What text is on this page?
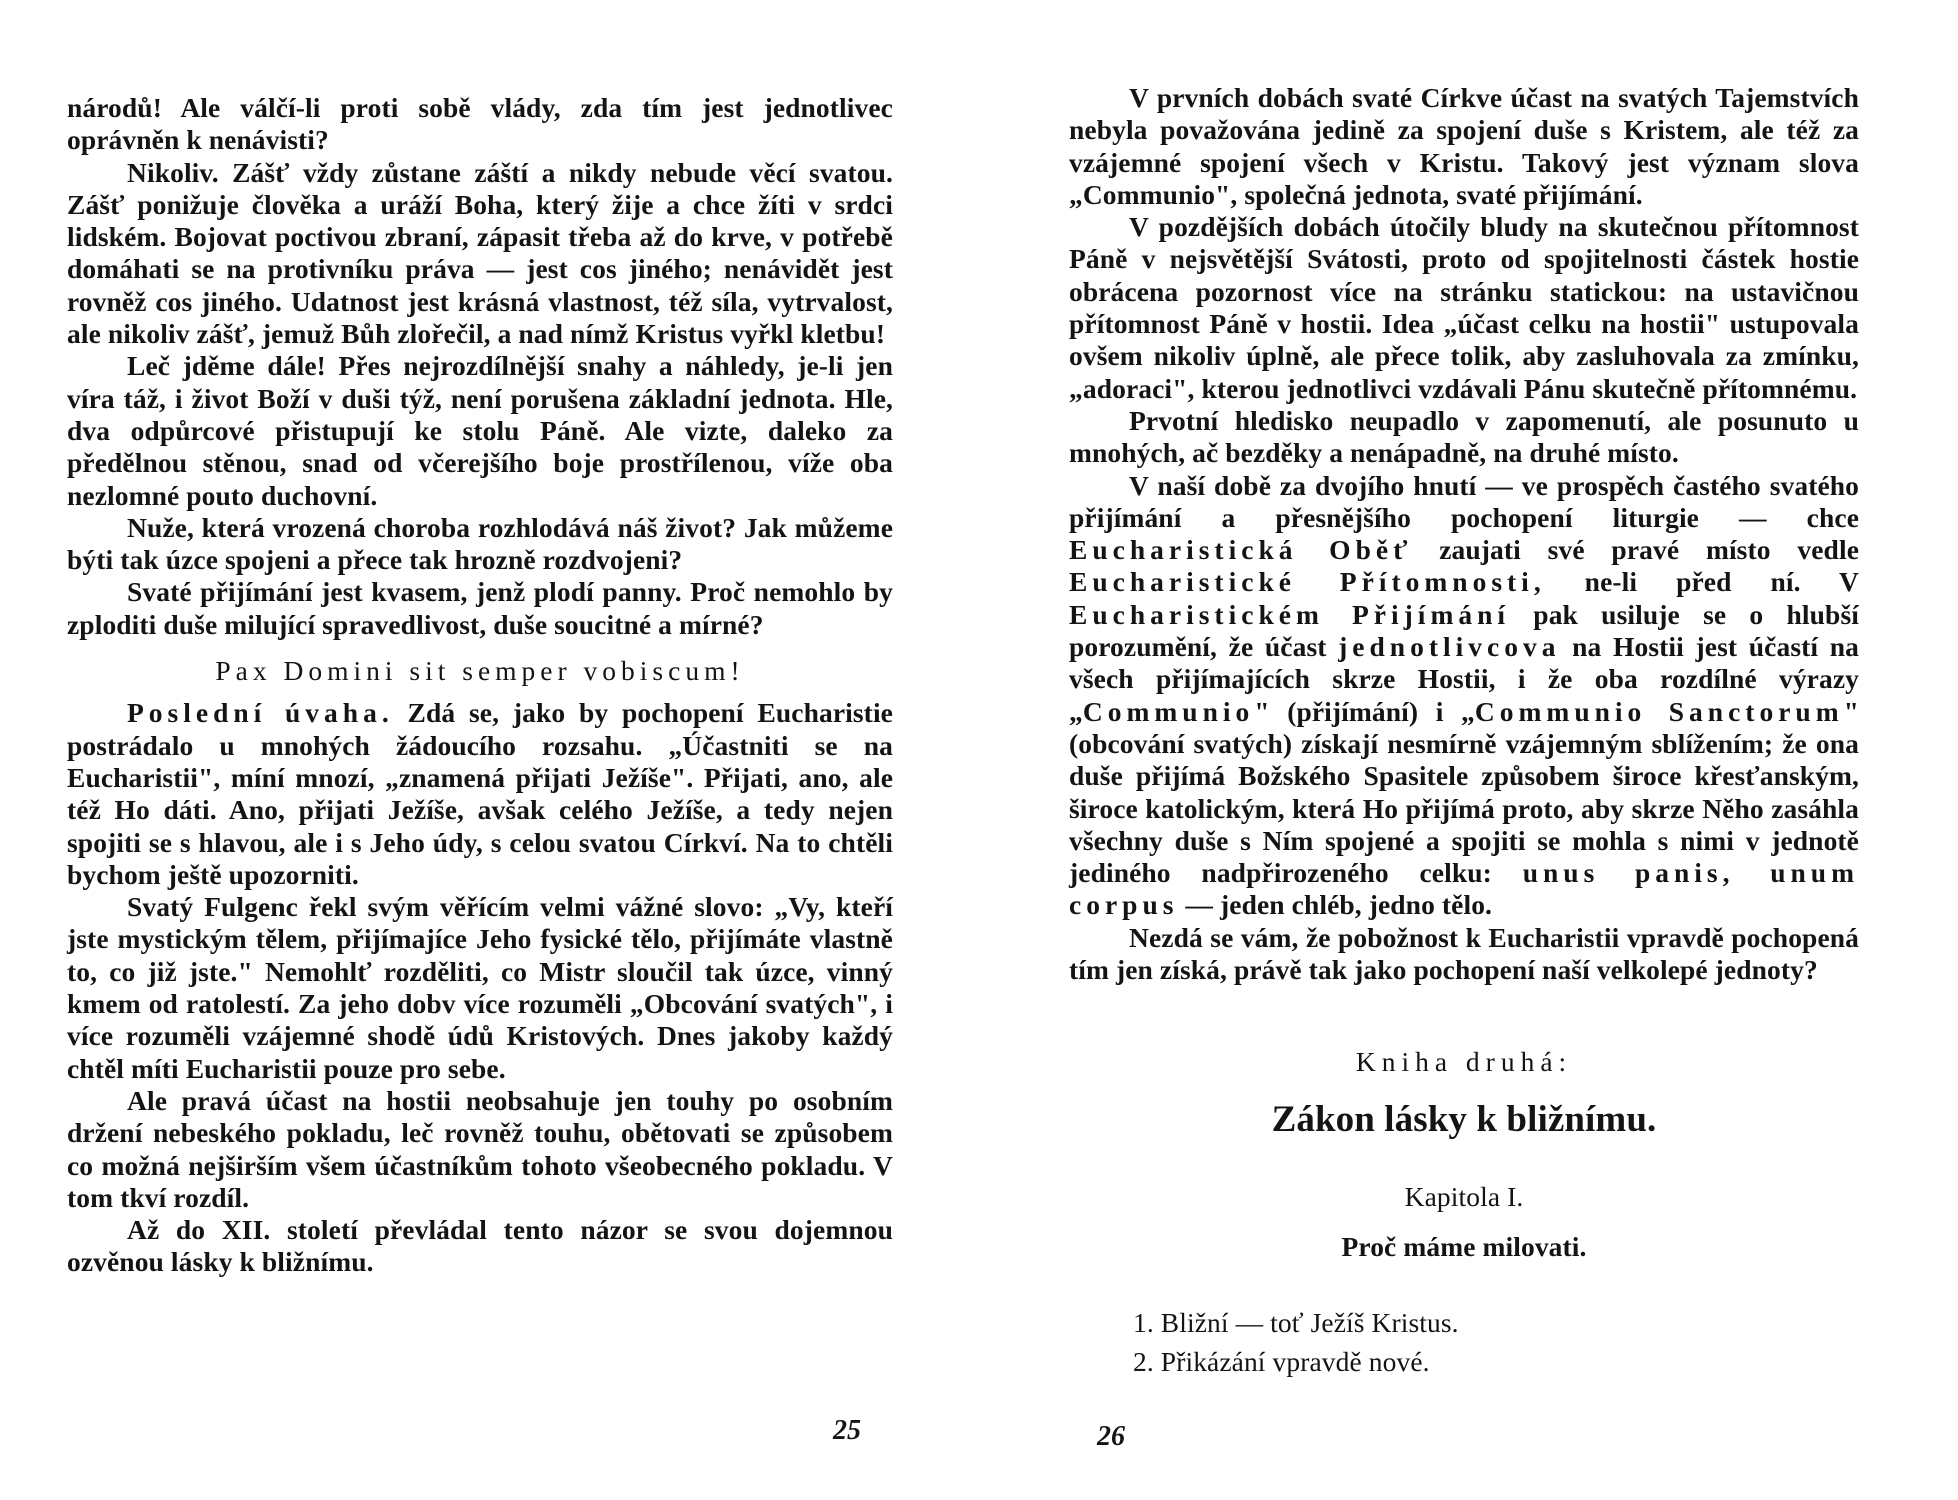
národů! Ale válčí-li proti sobě vlády, zda tím jest jednotlivec oprávněn k nenávisti?

Nikoliv. Zášť vždy zůstane záští a nikdy nebude věcí svatou. Zášť ponižuje člověka a uráží Boha, který žije a chce žíti v srdci lidském. Bojovat poctivou zbraní, zápasit třeba až do krve, v potřebě domáhati se na protivníku práva — jest cos jiného; nenávidět jest rovněž cos jiného. Udatnost jest krásná vlastnost, též síla, vytrvalost, ale nikoliv zášť, jemuž Bůh zlořečil, a nad nímž Kristus vyřkl kletbu!

Leč jděme dále! Přes nejrozdílnější snahy a náhledy, je-li jen víra táž, i život Boží v duši týž, není porušena základní jednota. Hle, dva odpůrcové přistupují ke stolu Páně. Ale vizte, daleko za předělnou stěnou, snad od včerejšího boje prostřílenou, víže oba nezlomné pouto duchovní.

Nuže, která vrozená choroba rozhlodává náš život? Jak můžeme býti tak úzce spojeni a přece tak hrozně rozdvojeni?

Svaté přijímání jest kvasem, jenž plodí panny. Proč nemohlo by zploditi duše milující spravedlivost, duše soucitné a mírné?

Pax Domini sit semper vobiscum!

Poslední úvaha. Zdá se, jako by pochopení Eucharistie postrádalo u mnohých žádoucího rozsahu. „Účastniti se na Eucharistii", míní mnozí, „znamená přijati Ježíše". Přijati, ano, ale též Ho dáti. Ano, přijati Ježíše, avšak celého Ježíše, a tedy nejen spojiti se s hlavou, ale i s Jeho údy, s celou svatou Církví. Na to chtěli bychom ještě upozorniti.

Svatý Fulgenc řekl svým věřícím velmi vážné slovo: „Vy, kteří jste mystickým tělem, přijímajíce Jeho fysické tělo, přijímáte vlastně to, co již jste." Nemohlť rozděliti, co Mistr sloučil tak úzce, vinný kmem od ratolestí. Za jeho dobv více rozuměli „Obcování svatých", i více rozuměli vzájemné shodě údů Kristových. Dnes jakoby každý chtěl míti Eucharistii pouze pro sebe.

Ale pravá účast na hostii neobsahuje jen touhy po osobním držení nebeského pokladu, leč rovněž touhu, obětovati se způsobem co možná nejširším všem účastníkům tohoto všeobecného pokladu. V tom tkví rozdíl.

Až do XII. století převládal tento názor se svou dojemnou ozvěnou lásky k bližnímu.

25

V prvních dobách svaté Církve účast na svatých Tajemstvích nebyla považována jedině za spojení duše s Kristem, ale též za vzájemné spojení všech v Kristu. Takový jest význam slova „Communio", společná jednota, svaté přijímání.

V pozdějších dobách útočily bludy na skutečnou přítomnost Páně v nejsvětější Svátosti, proto od spojitelnosti částek hostie obrácena pozornost více na stránku statickou: na ustavičnou přítomnost Páně v hostii. Idea „účast celku na hostii" ustupovala ovšem nikoliv úplně, ale přece tolik, aby zasluhovala za zmínku, „adoraci", kterou jednotlivci vzdávali Pánu skutečně přítomnému.

Prvotní hledisko neupadlo v zapomenutí, ale posunuto u mnohých, ač bezděky a nenápadně, na druhé místo.

V naší době za dvojího hnutí — ve prospěch častého svatého přijímání a přesnějšího pochopení liturgie — chce Eucharistická Oběť zaujati své pravé místo vedle Eucharistické Přítomnosti, ne-li před ní. V Eucharistickém Přijímání pak usiluje se o hlubší porozumění, že účast jednotlivcova na Hostii jest účastí na všech přijímajících skrze Hostii, i že oba rozdílné výrazy „Communio" (přijímání) i „Communio Sanctorum" (obcování svatých) získají nesmírně vzájemným sblížením; že ona duše přijímá Božského Spasitele způsobem široce křesťanským, široce katolickým, která Ho přijímá proto, aby skrze Něho zasáhla všechny duše s Ním spojené a spojiti se mohla s nimi v jednotě jediného nadpřirozeného celku: unus panis, unum corpus — jeden chléb, jedno tělo.

Nezdá se vám, že pobožnost k Eucharistii vpravdě pochopená tím jen získá, právě tak jako pochopení naší velkolepé jednoty?

Kniha druhá:

Zákon lásky k bližnímu.

Kapitola I.

Proč máme milovati.

1. Bližní — toť Ježíš Kristus.
2. Přikázání vpravdě nové.
26
